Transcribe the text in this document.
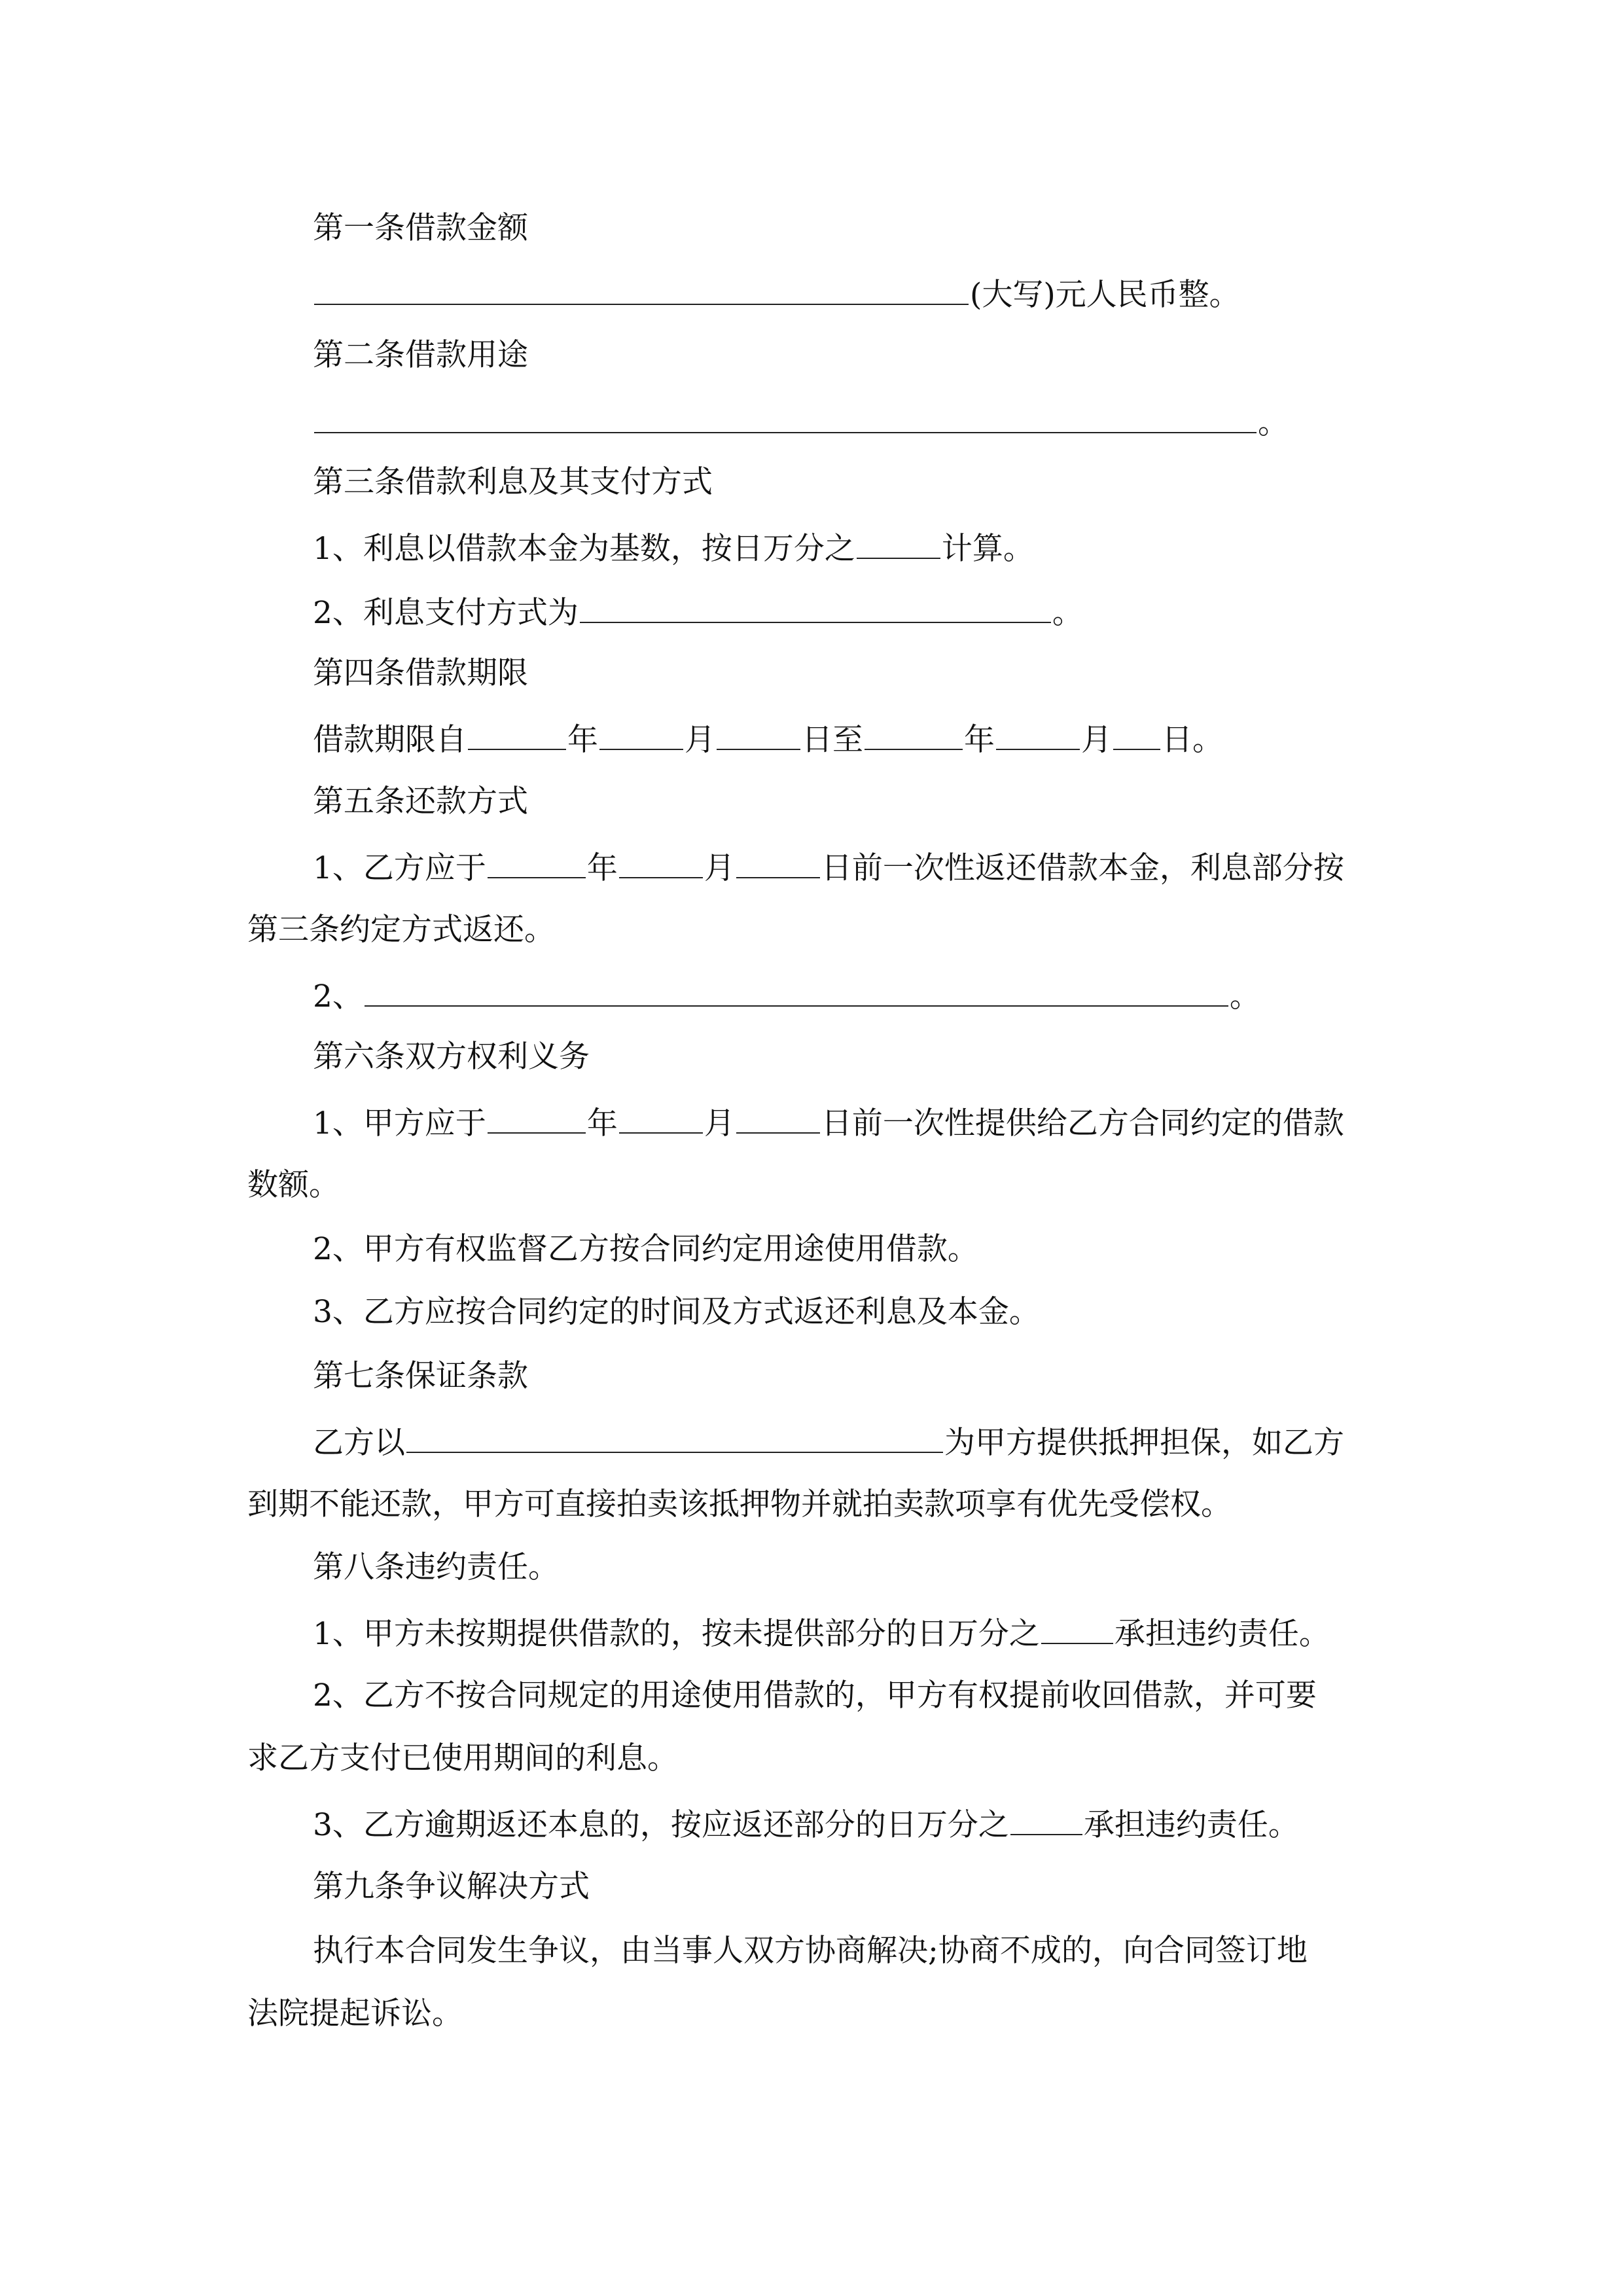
第一条借款金额
(大写)元人民币整。
第二条借款用途
。
第三条借款利息及其支付方式
1、利息以借款本金为基数，按日万分之	计算。
2、利息支付方式为	。
第四条借款期限
借款期限自	年	月	日至	年	月 日。
第五条还款方式
1、乙方应于	年	月	日前一次性返还借款本金，利息部分按
第三条约定方式返还。
2、	。
第六条双方权利义务
1、甲方应于	年	月	日前一次性提供给乙方合同约定的借款
数额。
2、甲方有权监督乙方按合同约定用途使用借款。
3、乙方应按合同约定的时间及方式返还利息及本金。
第七条保证条款
乙方以	为甲方提供抵押担保，如乙方
到期不能还款，甲方可直接拍卖该抵押物并就拍卖款项享有优先受偿权。
第八条违约责任。
1、甲方未按期提供借款的，按未提供部分的日万分之 承担违约责任。
2、乙方不按合同规定的用途使用借款的，甲方有权提前收回借款，并可要
求乙方支付已使用期间的利息。
3、乙方逾期返还本息的，按应返还部分的日万分之 承担违约责任。
第九条争议解决方式
执行本合同发生争议，由当事人双方协商解决;协商不成的，向合同签订地
法院提起诉讼。
